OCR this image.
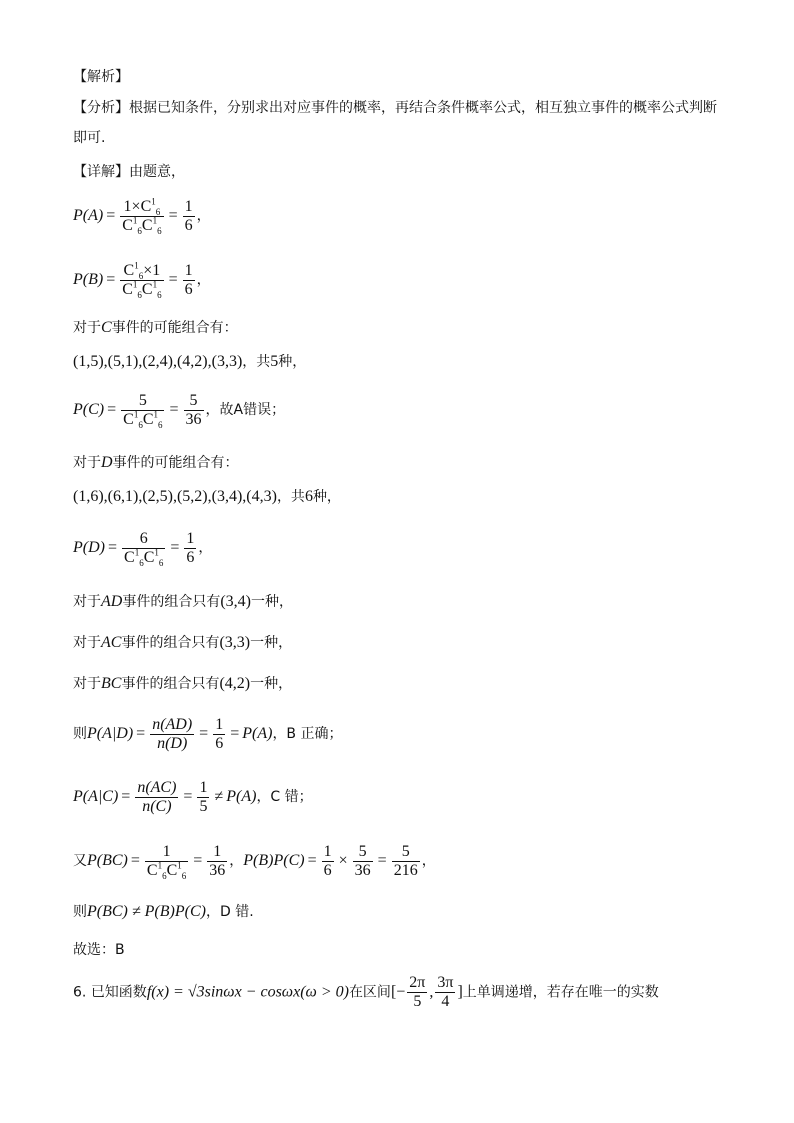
【解析】
【分析】根据已知条件，分别求出对应事件的概率，再结合条件概率公式，相互独立事件的概率公式判断
即可.
【详解】由题意，
$P(A) = \frac{1\times C^1_6}{C^1_6C^1_6} = \frac{1}{6}$ ，
$P(B) = \frac{C^1_6\times 1}{C^1_6C^1_6} = \frac{1}{6}$ ，
对于C事件的可能组合有：
(1,5),(5,1),(2,4),(4,2),(3,3)，共5种，
$P(C) = \frac{5}{C^1_6C^1_6} = \frac{5}{36}$ ，故A错误；
对于D事件的可能组合有：
(1,6),(6,1),(2,5),(5,2),(3,4),(4,3)，共6种，
$P(D) = \frac{6}{C^1_6C^1_6} = \frac{1}{6}$ ，
对于AD事件的组合只有(3,4)一种，
对于AC事件的组合只有(3,3)一种，
对于BC事件的组合只有(4,2)一种，
则$P(A|D) = \frac{n(AD)}{n(D)} = \frac{1}{6} = P(A)$，B 正确；
$P(A|C) = \frac{n(AC)}{n(C)} = \frac{1}{5} \ne P(A)$，C 错；
又$P(BC) = \frac{1}{C^1_6C^1_6} = \frac{1}{36}$ ，$P(B)P(C) = \frac{1}{6} \times \frac{5}{36} = \frac{5}{216}$ ，
则P(BC) ≠ P(B)P(C)，D 错.
故选：B
6. 已知函数f(x) = √3sinωx − cosωx(ω > 0)在区间[− $\frac{2\pi}{5}$ , $\frac{3\pi}{4}$ ]上单调递增，若存在唯一的实数
